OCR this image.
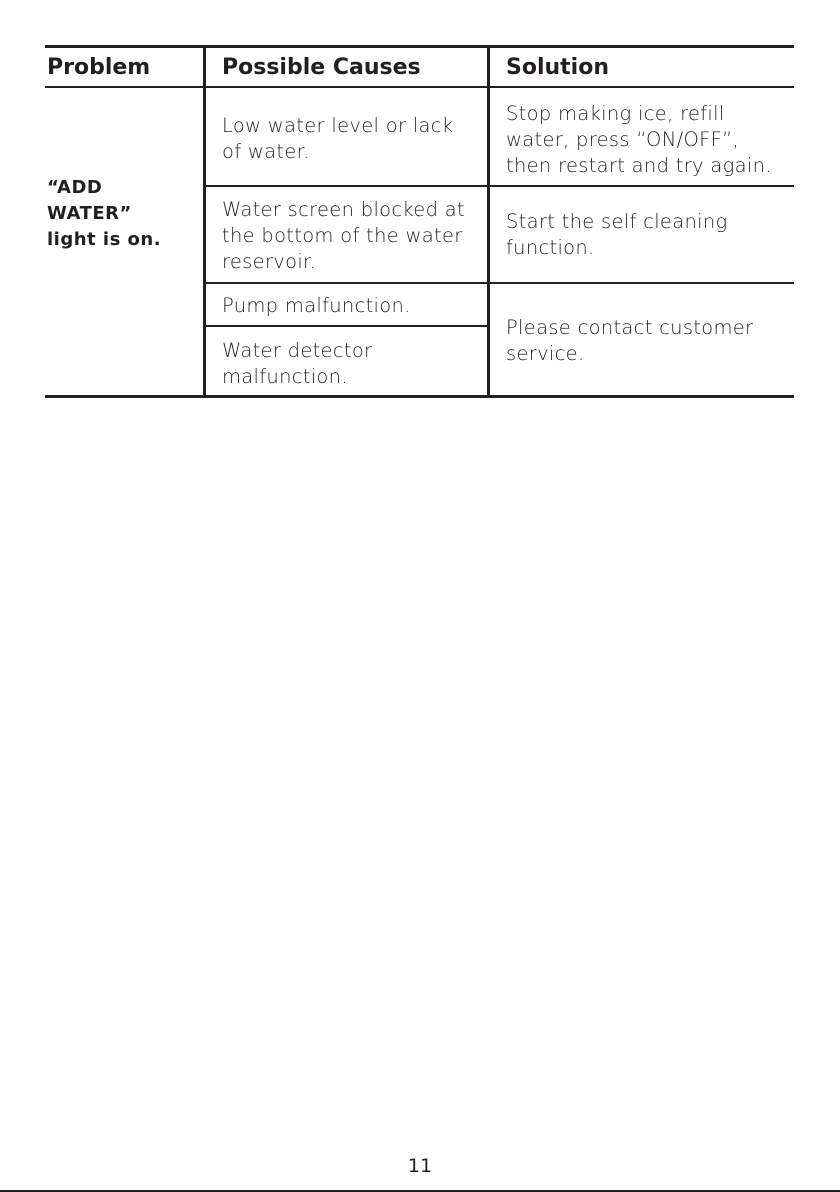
Problem	Possible Causes	Solution
“ADD
WATER”
light is on.
Low water level or lack
of water.
Stop making ice, refill
water, press “ON/OFF”,
then restart and try again.
Water screen blocked at
the bottom of the water
reservoir.
Start the self cleaning
function.
Pump malfunction.
Water detector
malfunction.
Please contact customer
service.
11
